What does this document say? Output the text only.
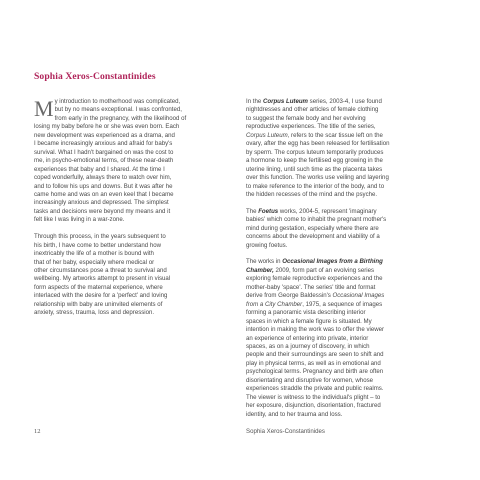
Sophia Xeros-Constantinides

M y introduction to motherhood was complicated,
but by no means exceptional. I was confronted,
from early in the pregnancy, with the likelihood of
losing my baby before he or she was even born. Each
new development was experienced as a drama, and
I became increasingly anxious and afraid for baby's
survival. What I hadn't bargained on was the cost to
me, in psycho-emotional terms, of these near-death
experiences that baby and I shared. At the time I
coped wonderfully, always there to watch over him,
and to follow his ups and downs. But it was after he
came home and was on an even keel that I became
increasingly anxious and depressed. The simplest
tasks and decisions were beyond my means and it
felt like I was living in a war-zone.

Through this process, in the years subsequent to
his birth, I have come to better understand how
inextricably the life of a mother is bound with
that of her baby, especially where medical or
other circumstances pose a threat to survival and
wellbeing. My artworks attempt to present in visual
form aspects of the maternal experience, where
interlaced with the desire for a 'perfect' and loving
relationship with baby are uninvited elements of
anxiety, stress, trauma, loss and depression.

In the Corpus Luteum series, 2003-4, I use found
nightdresses and other articles of female clothing
to suggest the female body and her evolving
reproductive experiences. The title of the series,
Corpus Luteum, refers to the scar tissue left on the
ovary, after the egg has been released for fertilisation
by sperm. The corpus luteum temporarily produces
a hormone to keep the fertilised egg growing in the
uterine lining, until such time as the placenta takes
over this function. The works use veiling and layering
to make reference to the interior of the body, and to
the hidden recesses of the mind and the psyche.

The Foetus works, 2004-5, represent 'imaginary
babies' which come to inhabit the pregnant mother's
mind during gestation, especially where there are
concerns about the development and viability of a
growing foetus.

The works in Occasional Images from a Birthing
Chamber, 2009, form part of an evolving series
exploring female reproductive experiences and the
mother-baby 'space'. The series' title and format
derive from George Baldessin's Occasional Images
from a City Chamber, 1975, a sequence of images
forming a panoramic vista describing interior
spaces in which a female figure is situated. My
intention in making the work was to offer the viewer
an experience of entering into private, interior
spaces, as on a journey of discovery, in which
people and their surroundings are seen to shift and
play in physical terms, as well as in emotional and
psychological terms. Pregnancy and birth are often
disorientating and disruptive for women, whose
experiences straddle the private and public realms.
The viewer is witness to the individual's plight – to
her exposure, disjunction, disorientation, fractured
identity, and to her trauma and loss.

12	Sophia Xeros-Constantinides
